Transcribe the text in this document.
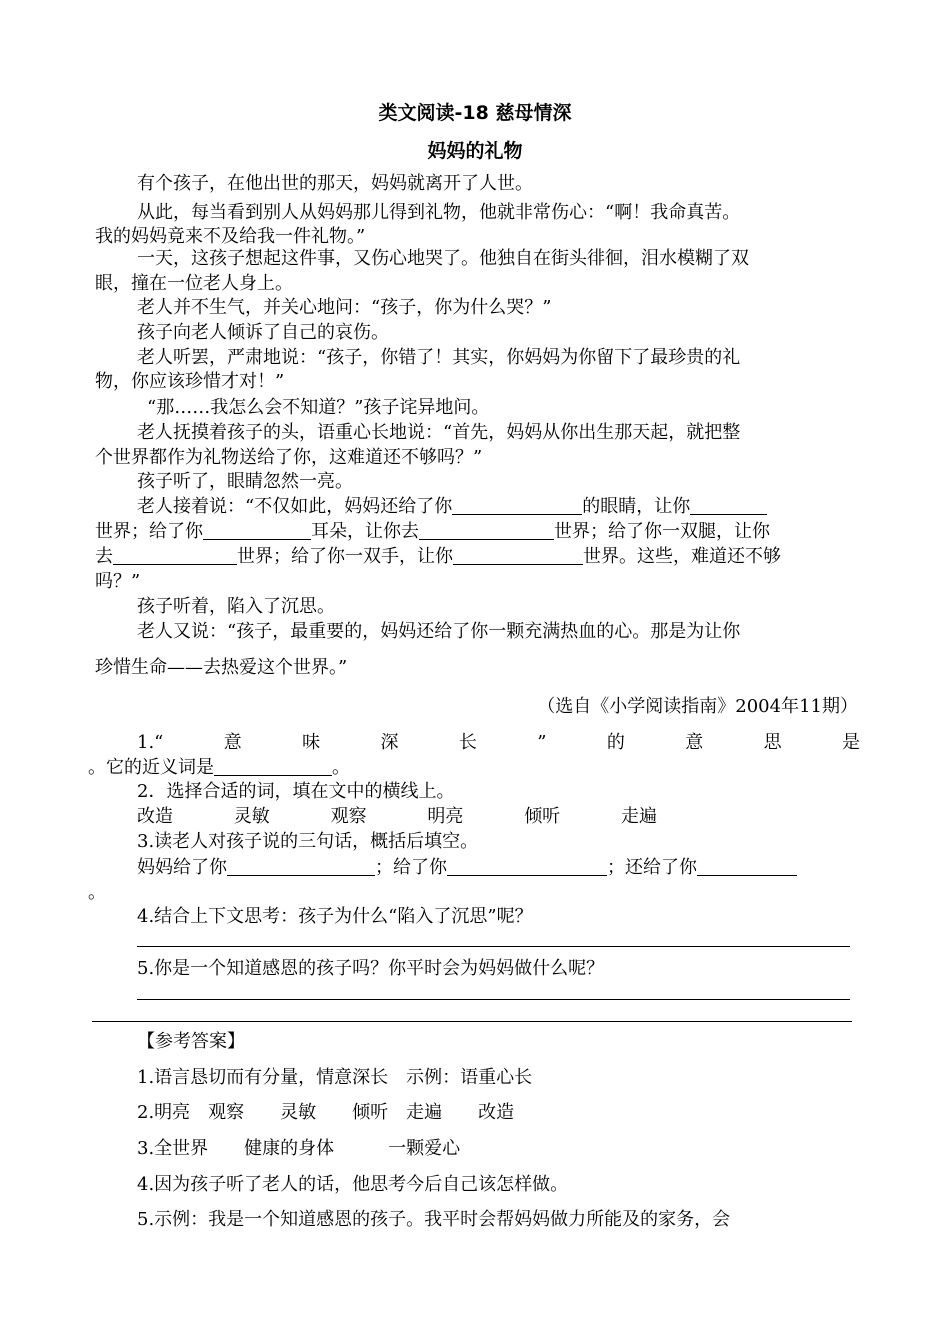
类文阅读-18 慈母情深
妈妈的礼物
有个孩子，在他出世的那天，妈妈就离开了人世。
从此，每当看到别人从妈妈那儿得到礼物，他就非常伤心：“啊！我命真苦。
我的妈妈竟来不及给我一件礼物。”
一天，这孩子想起这件事，又伤心地哭了。他独自在街头徘徊，泪水模糊了双
眼，撞在一位老人身上。
老人并不生气，并关心地问：“孩子，你为什么哭？”
孩子向老人倾诉了自己的哀伤。
老人听罢，严肃地说：“孩子，你错了！其实，你妈妈为你留下了最珍贵的礼
物，你应该珍惜才对！”
“那……我怎么会不知道？”孩子诧异地问。
老人抚摸着孩子的头，语重心长地说：“首先，妈妈从你出生那天起，就把整
个世界都作为礼物送给了你，这难道还不够吗？”
孩子听了，眼睛忽然一亮。
老人接着说：“不仅如此，妈妈还给了你	的眼睛，让你
世界；给了你	耳朵，让你去	世界；给了你一双腿，让你
去	世界；给了你一双手，让你	世界。这些，难道还不够
吗？”
孩子听着，陷入了沉思。
老人又说：“孩子，最重要的，妈妈还给了你一颗充满热血的心。那是为让你
珍惜生命——去热爱这个世界。”
（选自《小学阅读指南》2004年11期）
1.“	意	味	深	长	”	的	意	思	是
。它的近义词是	。
2．选择合适的词，填在文中的横线上。
改造	灵敏	观察	明亮	倾听	走遍
3.读老人对孩子说的三句话，概括后填空。
妈妈给了你	；给了你	；还给了你
。
4.结合上下文思考：孩子为什么“陷入了沉思”呢？
5.你是一个知道感恩的孩子吗？你平时会为妈妈做什么呢？
【参考答案】
1.语言恳切而有分量，情意深长　示例：语重心长
2.明亮　观察　　灵敏　　倾听　走遍　　改造
3.全世界　　健康的身体　　　一颗爱心
4.因为孩子听了老人的话，他思考今后自己该怎样做。
5.示例：我是一个知道感恩的孩子。我平时会帮妈妈做力所能及的家务，会
